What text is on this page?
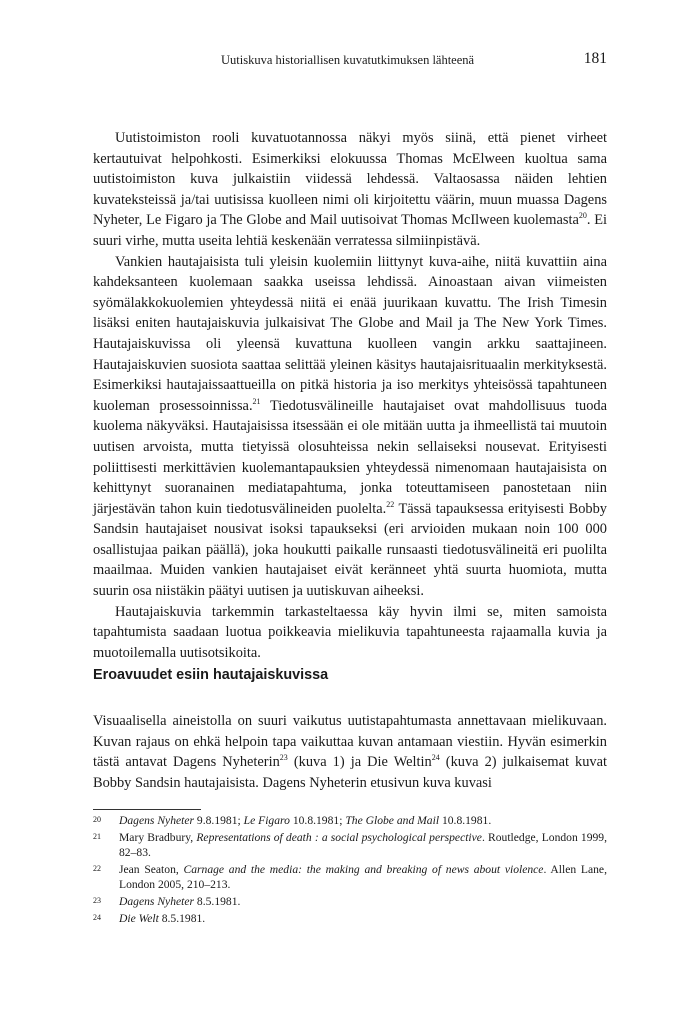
Uutiskuva historiallisen kuvatutkimuksen lähteenä	181

Uutistoimiston rooli kuvatuotannossa näkyi myös siinä, että pienet virheet kertautuivat helpohkosti. Esimerkiksi elokuussa Thomas McElween kuoltua sama uutistoimiston kuva julkaistiin viidessä lehdessä. Valtaosassa näiden lehtien kuvateksteissä ja/tai uutisissa kuolleen nimi oli kirjoitettu väärin, muun muassa Dagens Nyheter, Le Figaro ja The Globe and Mail uutisoivat Thomas McIlween kuolemasta$^{20}$. Ei suuri virhe, mutta useita lehtiä keskenään verratessa silmiinpistävä.

Vankien hautajaisista tuli yleisin kuolemiin liittynyt kuva-aihe, niitä kuvattiin aina kahdeksanteen kuolemaan saakka useissa lehdissä. Ainoastaan aivan viimeisten syömälakkokuolemien yhteydessä niitä ei enää juurikaan kuvattu. The Irish Timesin lisäksi eniten hautajaiskuvia julkaisivat The Globe and Mail ja The New York Times. Hautajaiskuvissa oli yleensä kuvattuna kuolleen vangin arkku saattajineen. Hautajaiskuvien suosiota saattaa selittää yleinen käsitys hautajaisrituaalin merkityksestä. Esimerkiksi hautajaissaattueilla on pitkä historia ja iso merkitys yhteisössä tapahtuneen kuoleman prosessoinnissa.$^{21}$ Tiedotusvälineille hautajaiset ovat mahdollisuus tuoda kuolema näkyväksi. Hautajaisissa itsessään ei ole mitään uutta ja ihmeellistä tai muutoin uutisen arvoista, mutta tietyissä olosuhteissa nekin sellaiseksi nousevat. Erityisesti poliittisesti merkittävien kuolemantapauksien yhteydessä nimenomaan hautajaisista on kehittynyt suoranainen mediatapahtuma, jonka toteuttamiseen panostetaan niin järjestävän tahon kuin tiedotusvälineiden puolelta.$^{22}$ Tässä tapauksessa erityisesti Bobby Sandsin hautajaiset nousivat isoksi tapaukseksi (eri arvioiden mukaan noin 100 000 osallistujaa paikan päällä), joka houkutti paikalle runsaasti tiedotusvälineitä eri puolilta maailmaa. Muiden vankien hautajaiset eivät keränneet yhtä suurta huomiota, mutta suurin osa niistäkin päätyi uutisen ja uutiskuvan aiheeksi.

Hautajaiskuvia tarkemmin tarkasteltaessa käy hyvin ilmi se, miten samoista tapahtumista saadaan luotua poikkeavia mielikuvia tapahtuneesta rajaamalla kuvia ja muotoilemalla uutisotsikoita.

Eroavuudet esiin hautajaiskuvissa

Visuaalisella aineistolla on suuri vaikutus uutistapahtumasta annettavaan mielikuvaan. Kuvan rajaus on ehkä helpoin tapa vaikuttaa kuvan antamaan viestiin. Hyvän esimerkin tästä antavat Dagens Nyheterin$^{23}$ (kuva 1) ja Die Weltin$^{24}$ (kuva 2) julkaisemat kuvat Bobby Sandsin hautajaisista. Dagens Nyheterin etusivun kuva kuvasi

20 Dagens Nyheter 9.8.1981; Le Figaro 10.8.1981; The Globe and Mail 10.8.1981.
21 Mary Bradbury, Representations of death : a social psychological perspective. Routledge, London 1999, 82–83.
22 Jean Seaton, Carnage and the media: the making and breaking of news about violence. Allen Lane, London 2005, 210–213.
23 Dagens Nyheter 8.5.1981.
24 Die Welt 8.5.1981.
